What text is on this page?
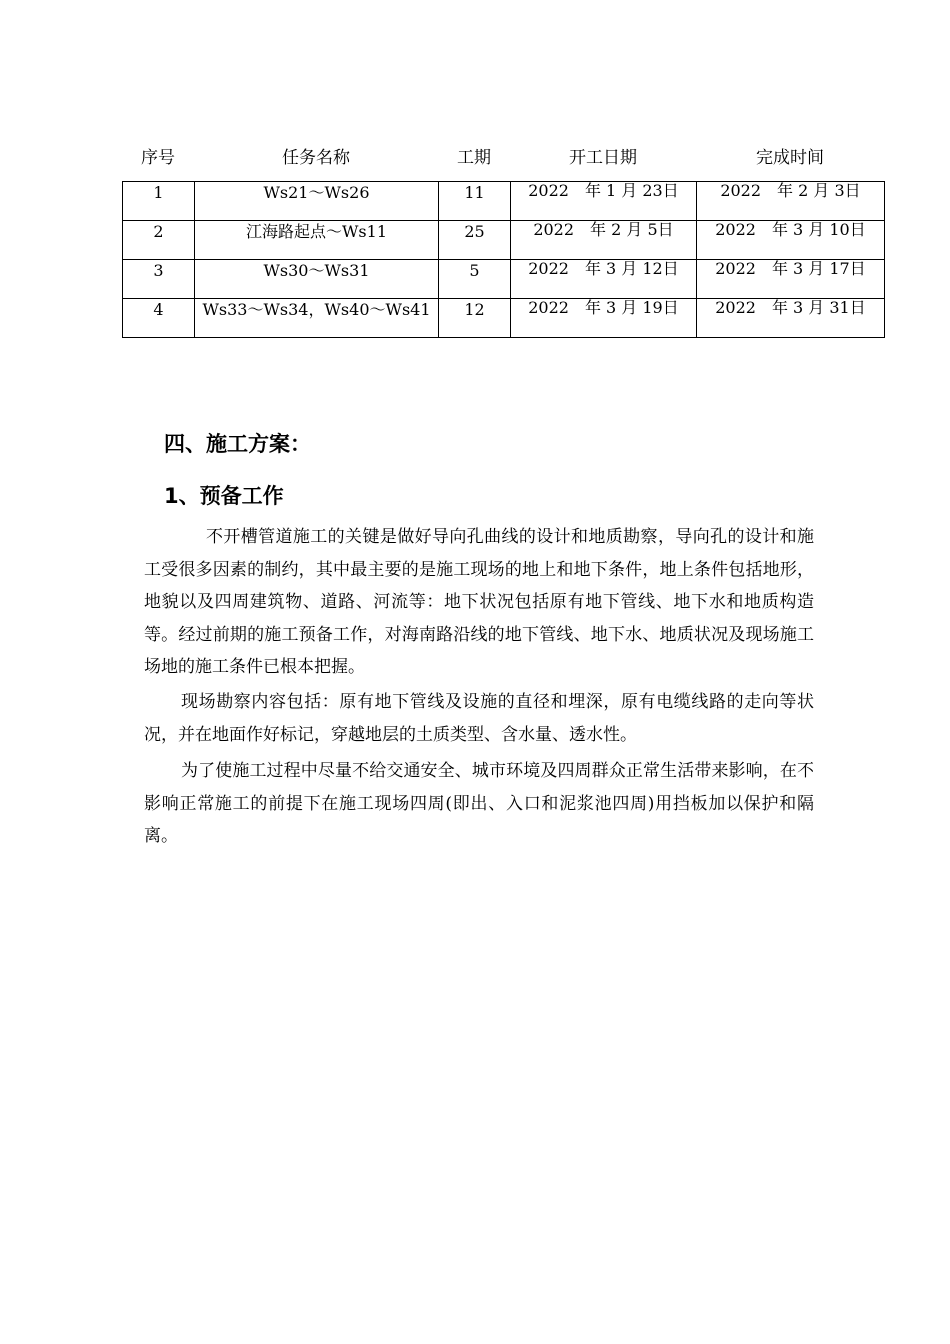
序号	任务名称	工期	开工日期	完成时间
1	Ws21～Ws26	11	2022　年 1 月 23日	2022　年 2 月 3日

2	江海路起点～Ws11	25	2022　年 2 月 5日	2022　年 3 月 10日

3	Ws30～Ws31	5	2022　年 3 月 12日	2022　年 3 月 17日

4	Ws33～Ws34，Ws40～Ws41	12	2022　年 3 月 19日	2022　年 3 月 31日
四、施工方案：
1、预备工作

不开槽管道施工的关键是做好导向孔曲线的设计和地质勘察，导向孔的设计和施工受很多因素的制约，其中最主要的是施工现场的地上和地下条件，地上条件包括地形，地貌以及四周建筑物、道路、河流等：地下状况包括原有地下管线、地下水和地质构造等。经过前期的施工预备工作，对海南路沿线的地下管线、地下水、地质状况及现场施工场地的施工条件已根本把握。

现场勘察内容包括：原有地下管线及设施的直径和埋深，原有电缆线路的走向等状况，并在地面作好标记，穿越地层的土质类型、含水量、透水性。

为了使施工过程中尽量不给交通安全、城市环境及四周群众正常生活带来影响，在不影响正常施工的前提下在施工现场四周(即出、入口和泥浆池四周)用挡板加以保护和隔离。
